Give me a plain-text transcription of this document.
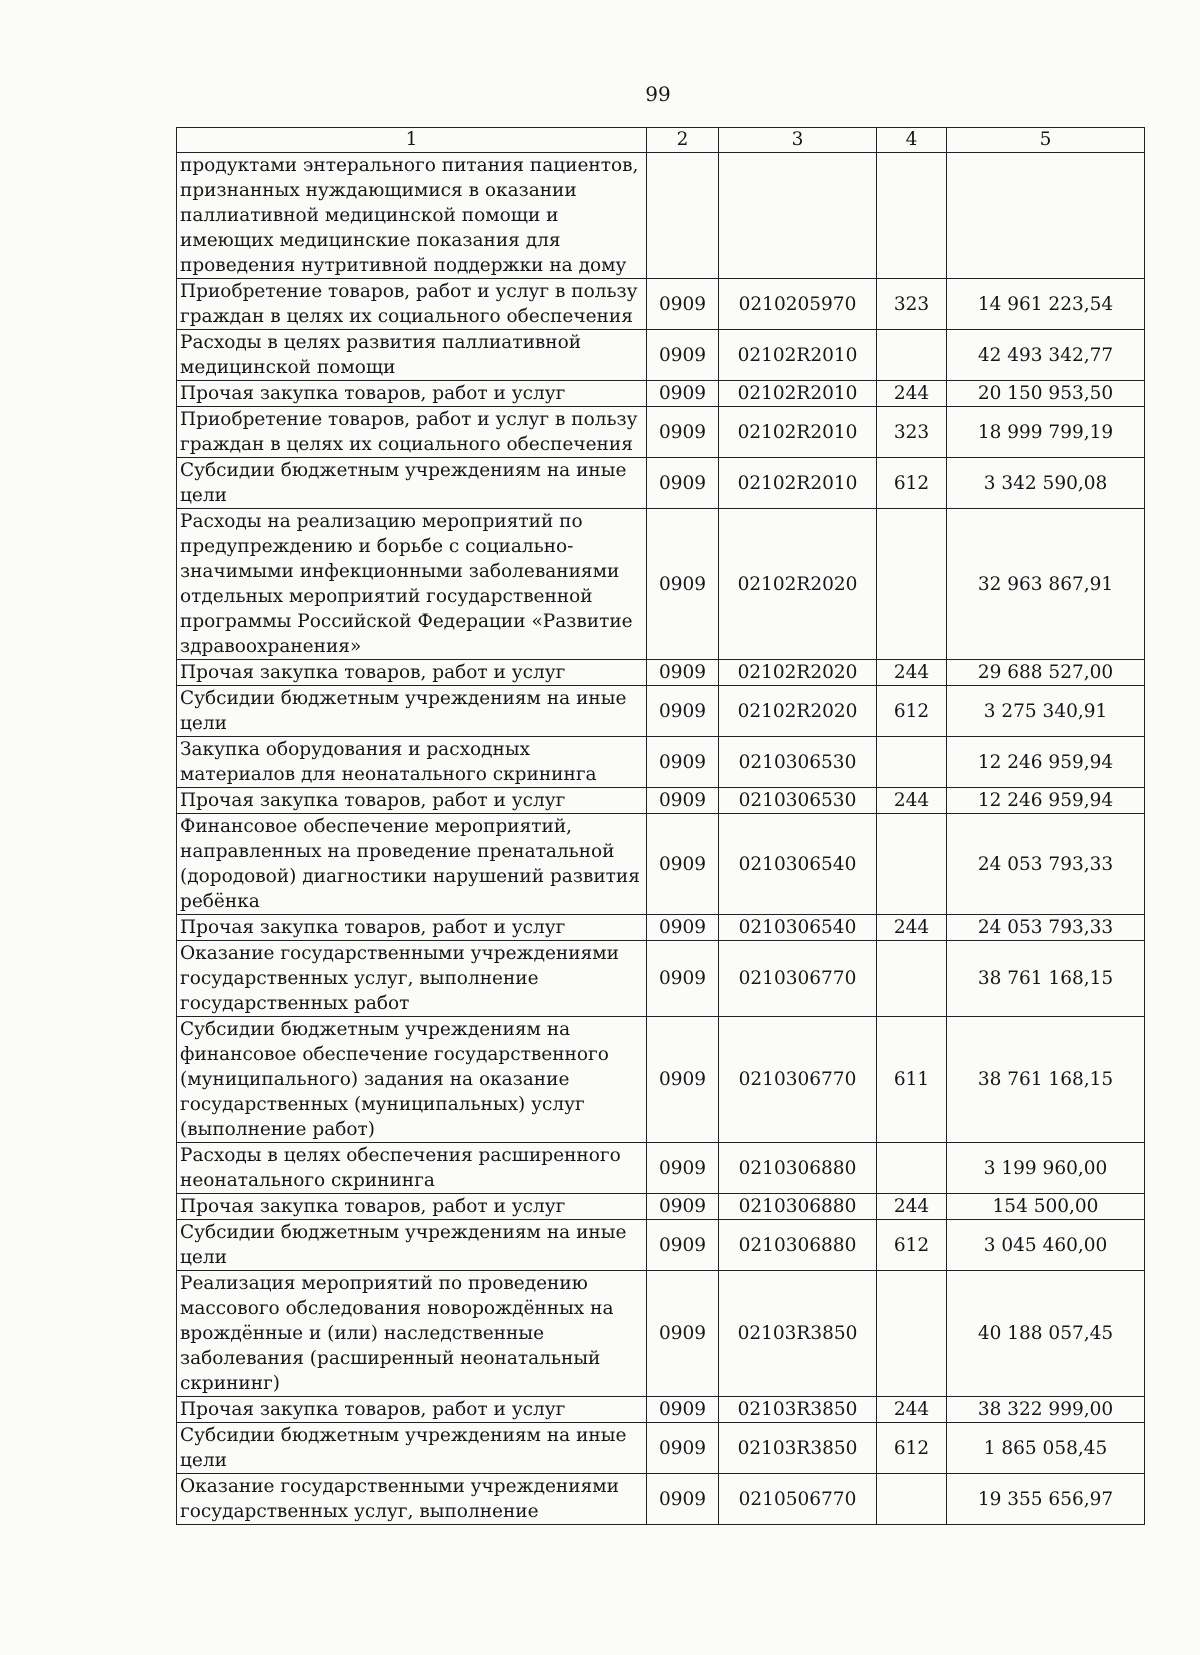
99
1	2	3	4	5
продуктами энтерального питания пациентов, признанных нуждающимися в оказании паллиативной медицинской помощи и имеющих медицинские показания для проведения нутритивной поддержки на дому				
Приобретение товаров, работ и услуг в пользу граждан в целях их социального обеспечения	0909	0210205970	323	14 961 223,54
Расходы в целях развития паллиативной медицинской помощи	0909	02102R2010		42 493 342,77
Прочая закупка товаров, работ и услуг	0909	02102R2010	244	20 150 953,50
Приобретение товаров, работ и услуг в пользу граждан в целях их социального обеспечения	0909	02102R2010	323	18 999 799,19
Субсидии бюджетным учреждениям на иные цели	0909	02102R2010	612	3 342 590,08
Расходы на реализацию мероприятий по предупреждению и борьбе с социально-значимыми инфекционными заболеваниями отдельных мероприятий государственной программы Российской Федерации «Развитие здравоохранения»	0909	02102R2020		32 963 867,91
Прочая закупка товаров, работ и услуг	0909	02102R2020	244	29 688 527,00
Субсидии бюджетным учреждениям на иные цели	0909	02102R2020	612	3 275 340,91
Закупка оборудования и расходных материалов для неонатального скрининга	0909	0210306530		12 246 959,94
Прочая закупка товаров, работ и услуг	0909	0210306530	244	12 246 959,94
Финансовое обеспечение мероприятий, направленных на проведение пренатальной (дородовой) диагностики нарушений развития ребёнка	0909	0210306540		24 053 793,33
Прочая закупка товаров, работ и услуг	0909	0210306540	244	24 053 793,33
Оказание государственными учреждениями государственных услуг, выполнение государственных работ	0909	0210306770		38 761 168,15
Субсидии бюджетным учреждениям на финансовое обеспечение государственного (муниципального) задания на оказание государственных (муниципальных) услуг (выполнение работ)	0909	0210306770	611	38 761 168,15
Расходы в целях обеспечения расширенного неонатального скрининга	0909	0210306880		3 199 960,00
Прочая закупка товаров, работ и услуг	0909	0210306880	244	154 500,00
Субсидии бюджетным учреждениям на иные цели	0909	0210306880	612	3 045 460,00
Реализация мероприятий по проведению массового обследования новорождённых на врождённые и (или) наследственные заболевания (расширенный неонатальный скрининг)	0909	02103R3850		40 188 057,45
Прочая закупка товаров, работ и услуг	0909	02103R3850	244	38 322 999,00
Субсидии бюджетным учреждениям на иные цели	0909	02103R3850	612	1 865 058,45
Оказание государственными учреждениями государственных услуг, выполнение	0909	0210506770		19 355 656,97
